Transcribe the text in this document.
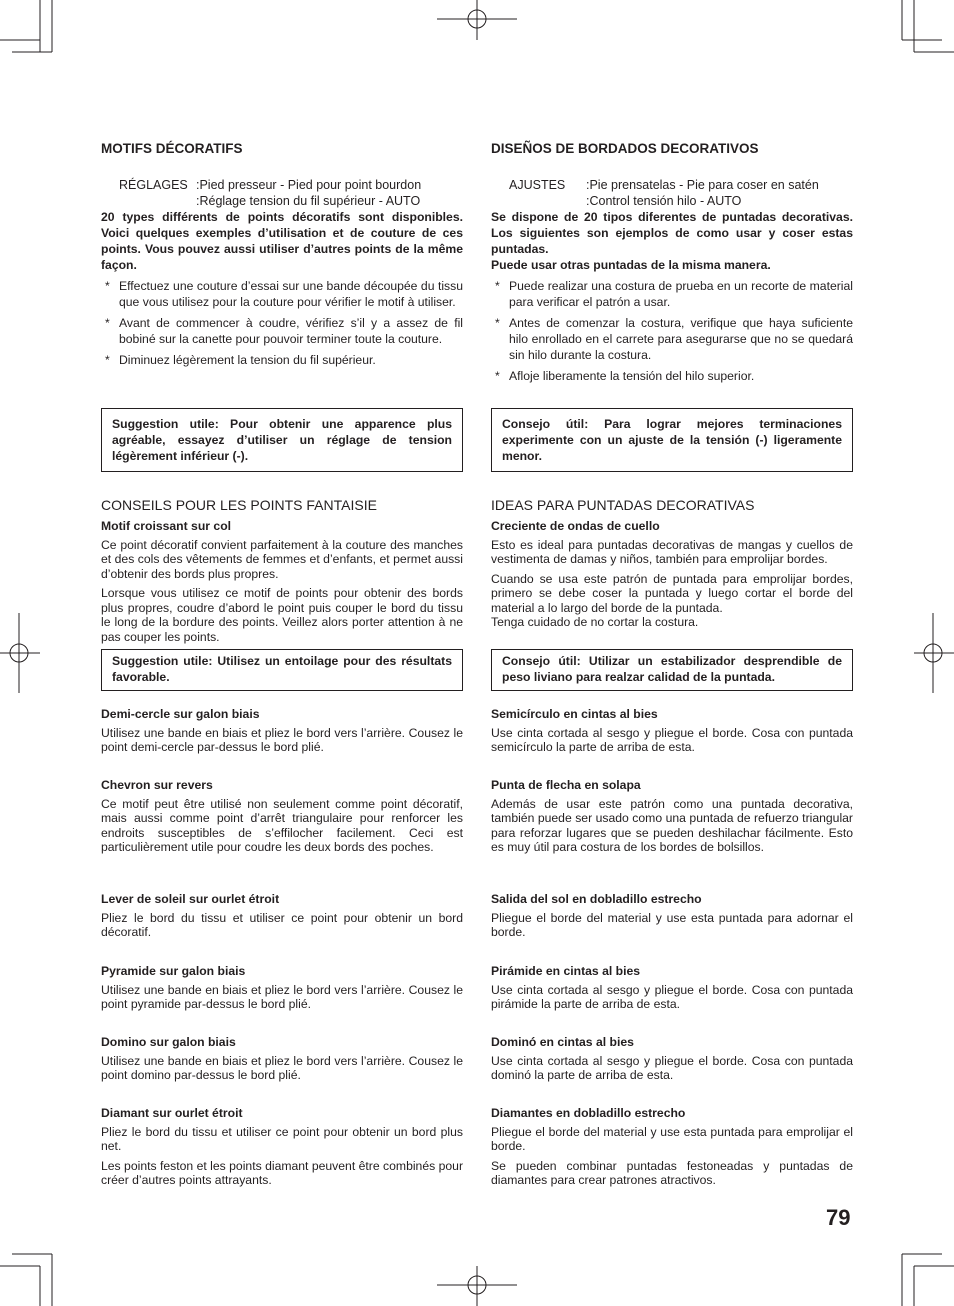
MOTIFS DÉCORATIFS
RÉGLAGES :Pied presseur - Pied pour point bourdon
:Réglage tension du fil supérieur - AUTO

20 types différents de points décoratifs sont disponibles. Voici quelques exemples d’utilisation et de couture de ces points. Vous pouvez aussi utiliser d’autres points de la même façon.

* Effectuez une couture d’essai sur une bande découpée du tissu que vous utilisez pour la couture pour vérifier le motif à utiliser.
* Avant de commencer à coudre, vérifiez s’il y a assez de fil bobiné sur la canette pour pouvoir terminer toute la couture.
* Diminuez légèrement la tension du fil supérieur.
Suggestion utile: Pour obtenir une apparence plus agréable, essayez d’utiliser un réglage de tension légèrement inférieur (-).
CONSEILS POUR LES POINTS FANTAISIE
Motif croissant sur col

Ce point décoratif convient parfaitement à la couture des manches et des cols des vêtements de femmes et d’enfants, et permet aussi d’obtenir des bords plus propres.

Lorsque vous utilisez ce motif de points pour obtenir des bords plus propres, coudre d’abord le point puis couper le bord du tissu le long de la bordure des points. Veillez alors porter attention à ne pas couper les points.

Suggestion utile: Utilisez un entoilage pour des résultats favorable.
Demi-cercle sur galon biais

Utilisez une bande en biais et pliez le bord vers l’arrière. Cousez le point demi-cercle par-dessus le bord plié.

Chevron sur revers

Ce motif peut être utilisé non seulement comme point décoratif, mais aussi comme point d’arrêt triangulaire pour renforcer les endroits susceptibles de s’effilocher facilement. Ceci est particulièrement utile pour coudre les deux bords des poches.

Lever de soleil sur ourlet étroit

Pliez le bord du tissu et utiliser ce point pour obtenir un bord décoratif.

Pyramide sur galon biais

Utilisez une bande en biais et pliez le bord vers l’arrière. Cousez le point pyramide par-dessus le bord plié.

Domino sur galon biais

Utilisez une bande en biais et pliez le bord vers l’arrière. Cousez le point domino par-dessus le bord plié.

Diamant sur ourlet étroit

Pliez le bord du tissu et utiliser ce point pour obtenir un bord plus net.

Les points feston et les points diamant peuvent être combinés pour créer d’autres points attrayants.

DISEÑOS DE BORDADOS DECORATIVOS
AJUSTES :Pie prensatelas - Pie para coser en satén
:Control tensión hilo - AUTO

Se dispone de 20 tipos diferentes de puntadas decorativas. Los siguientes son ejemplos de como usar y coser estas puntadas.

Puede usar otras puntadas de la misma manera.

* Puede realizar una costura de prueba en un recorte de material para verificar el patrón a usar.
* Antes de comenzar la costura, verifique que haya suficiente hilo enrollado en el carrete para asegurarse que no se quedará sin hilo durante la costura.
* Afloje liberamente la tensión del hilo superior.
Consejo útil: Para lograr mejores terminaciones experimente con un ajuste de la tensión (-) ligeramente menor.
IDEAS PARA PUNTADAS DECORATIVAS
Creciente de ondas de cuello

Esto es ideal para puntadas decorativas de mangas y cuellos de vestimenta de damas y niños, también para emprolijar bordes.

Cuando se usa este patrón de puntada para emprolijar bordes, primero se debe coser la puntada y luego cortar el borde del material a lo largo del borde de la puntada.

Tenga cuidado de no cortar la costura.

Consejo útil: Utilizar un estabilizador desprendible de peso liviano para realzar calidad de la puntada.
Semicírculo en cintas al bies

Use cinta cortada al sesgo y pliegue el borde. Cosa con puntada semicírculo la parte de arriba de esta.

Punta de flecha en solapa

Además de usar este patrón como una puntada decorativa, también puede ser usado como una puntada de refuerzo triangular para reforzar lugares que se pueden deshilachar fácilmente. Esto es muy útil para costura de los bordes de bolsillos.

Salida del sol en dobladillo estrecho

Pliegue el borde del material y use esta puntada para adornar el borde.

Pirámide en cintas al bies

Use cinta cortada al sesgo y pliegue el borde. Cosa con puntada pirámide la parte de arriba de esta.

Dominó en cintas al bies

Use cinta cortada al sesgo y pliegue el borde. Cosa con puntada dominó la parte de arriba de esta.

Diamantes en dobladillo estrecho

Pliegue el borde del material y use esta puntada para emprolijar el borde.

Se pueden combinar puntadas festoneadas y puntadas de diamantes para crear patrones atractivos.

79
